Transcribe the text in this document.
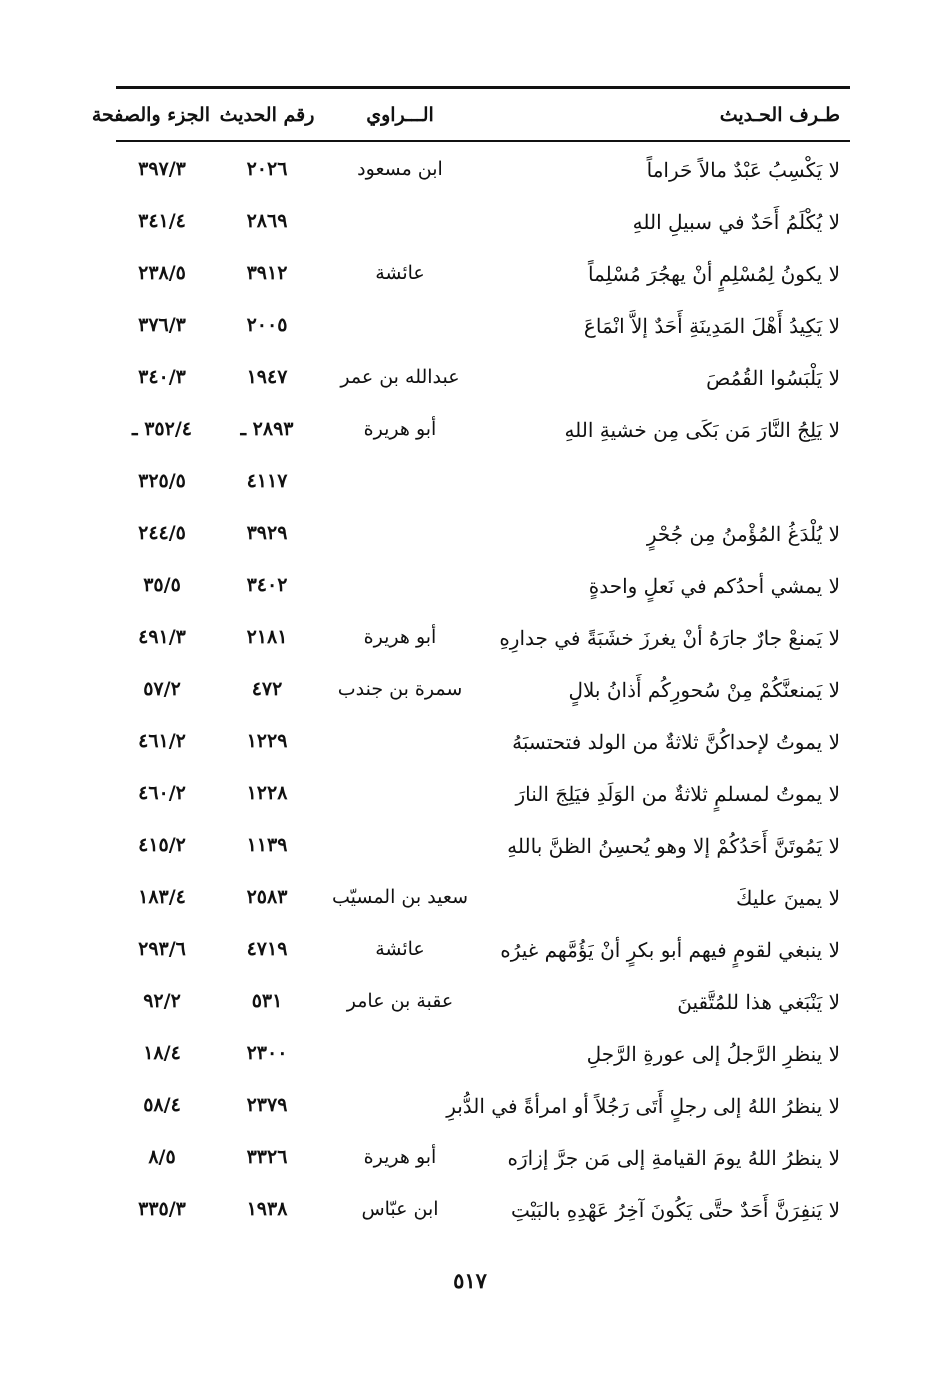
طـرف الحـديث
الـــراوي
رقم الحديث
الجزء والصفحة
لا يَكْسِبُ عَبْدٌ مالاً حَراماً
ابن مسعود
٢٠٢٦
٣٩٧/٣
لا يُكْلَمُ أَحَدٌ في سبيلِ اللهِ
٢٨٦٩
٣٤١/٤
لا يكونُ لِمُسْلِمٍ أنْ يهجُرَ مُسْلِماً
عائشة
٣٩١٢
٢٣٨/٥
لا يَكِيدُ أَهْلَ المَدِينَةِ أَحَدٌ إلاَّ انْمَاعَ
٢٠٠٥
٣٧٦/٣
لا يَلْبَسُوا القُمُصَ
عبدالله بن عمر
١٩٤٧
٣٤٠/٣
لا يَلِجُ النَّارَ مَن بَكَى مِن خشيةِ اللهِ
أبو هريرة
٢٨٩٣ ـ
٣٥٢/٤ ـ
٤١١٧
٣٢٥/٥
لا يُلْدَغُ المُؤْمنُ مِن جُحْرٍ
٣٩٢٩
٢٤٤/٥
لا يمشي أحدُكم في نَعلٍ واحدةٍ
٣٤٠٢
٣٥/٥
لا يَمنعْ جارٌ جارَهُ أنْ يغرزَ خشَبَةً في جدارِهِ
أبو هريرة
٢١٨١
٤٩١/٣
لا يَمنعنَّكُمْ مِنْ سُحورِكُم أَذانُ بلالٍ
سمرة بن جندب
٤٧٢
٥٧/٢
لا يموتُ لإحداكُنَّ ثلاثةٌ من الولد فتحتسبَهُ
١٢٢٩
٤٦١/٢
لا يموتُ لمسلمٍ ثلاثةٌ من الوَلَدِ فيَلِجَ النارَ
١٢٢٨
٤٦٠/٢
لا يَمُوتَنَّ أَحَدُكُمْ إلا وهو يُحسِنُ الظنَّ باللهِ
١١٣٩
٤١٥/٢
لا يمينَ عليكَ
سعيد بن المسيّب
٢٥٨٣
١٨٣/٤
لا ينبغي لقومٍ فيهم أبو بكرٍ أنْ يَؤُمَّهم غيرُه
عائشة
٤٧١٩
٢٩٣/٦
لا يَنْبَغي هذا للمُتَّقينَ
عقبة بن عامر
٥٣١
٩٢/٢
لا ينظرِ الرَّجلُ إلى عورةِ الرَّجلِ
٢٣٠٠
١٨/٤
لا ينظرُ اللهُ إلى رجلٍ أَتَى رَجُلاً أو امرأةً في الدُّبرِ
٢٣٧٩
٥٨/٤
لا ينظرُ اللهُ يومَ القيامةِ إلى مَن جرَّ إزارَه
أبو هريرة
٣٣٢٦
٨/٥
لا يَنفِرَنَّ أَحَدٌ حتَّى يَكُونَ آخِرُ عَهْدِهِ بالبَيْتِ
ابن عبّاس
١٩٣٨
٣٣٥/٣
٥١٧
